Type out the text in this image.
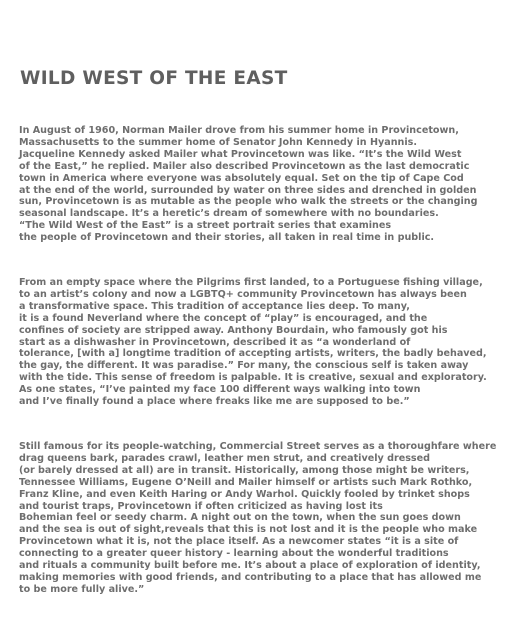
WILD WEST OF THE EAST

In August of 1960, Norman Mailer drove from his summer home in Provincetown,
Massachusetts to the summer home of Senator John Kennedy in Hyannis.
Jacqueline Kennedy asked Mailer what Provincetown was like. “It’s the Wild West
of the East,” he replied. Mailer also described Provincetown as the last democratic
town in America where everyone was absolutely equal. Set on the tip of Cape Cod
at the end of the world, surrounded by water on three sides and drenched in golden
sun, Provincetown is as mutable as the people who walk the streets or the changing
seasonal landscape. It’s a heretic’s dream of somewhere with no boundaries.
“The Wild West of the East” is a street portrait series that examines
the people of Provincetown and their stories, all taken in real time in public.

From an empty space where the Pilgrims first landed, to a Portuguese fishing village,
to an artist’s colony and now a LGBTQ+ community Provincetown has always been
a transformative space. This tradition of acceptance lies deep. To many,
it is a found Neverland where the concept of “play” is encouraged, and the
confines of society are stripped away. Anthony Bourdain, who famously got his
start as a dishwasher in Provincetown, described it as “a wonderland of
tolerance, [with a] longtime tradition of accepting artists, writers, the badly behaved,
the gay, the different. It was paradise.” For many, the conscious self is taken away
with the tide. This sense of freedom is palpable. It is creative, sexual and exploratory.
As one states, “I’ve painted my face 100 different ways walking into town
and I’ve finally found a place where freaks like me are supposed to be.”

Still famous for its people-watching, Commercial Street serves as a thoroughfare where
drag queens bark, parades crawl, leather men strut, and creatively dressed
(or barely dressed at all) are in transit. Historically, among those might be writers,
Tennessee Williams, Eugene O’Neill and Mailer himself or artists such Mark Rothko,
Franz Kline, and even Keith Haring or Andy Warhol. Quickly fooled by trinket shops
and tourist traps, Provincetown if often criticized as having lost its
Bohemian feel or seedy charm. A night out on the town, when the sun goes down
and the sea is out of sight,reveals that this is not lost and it is the people who make
Provincetown what it is, not the place itself. As a newcomer states “it is a site of
connecting to a greater queer history - learning about the wonderful traditions
and rituals a community built before me. It’s about a place of exploration of identity,
making memories with good friends, and contributing to a place that has allowed me
to be more fully alive.”
